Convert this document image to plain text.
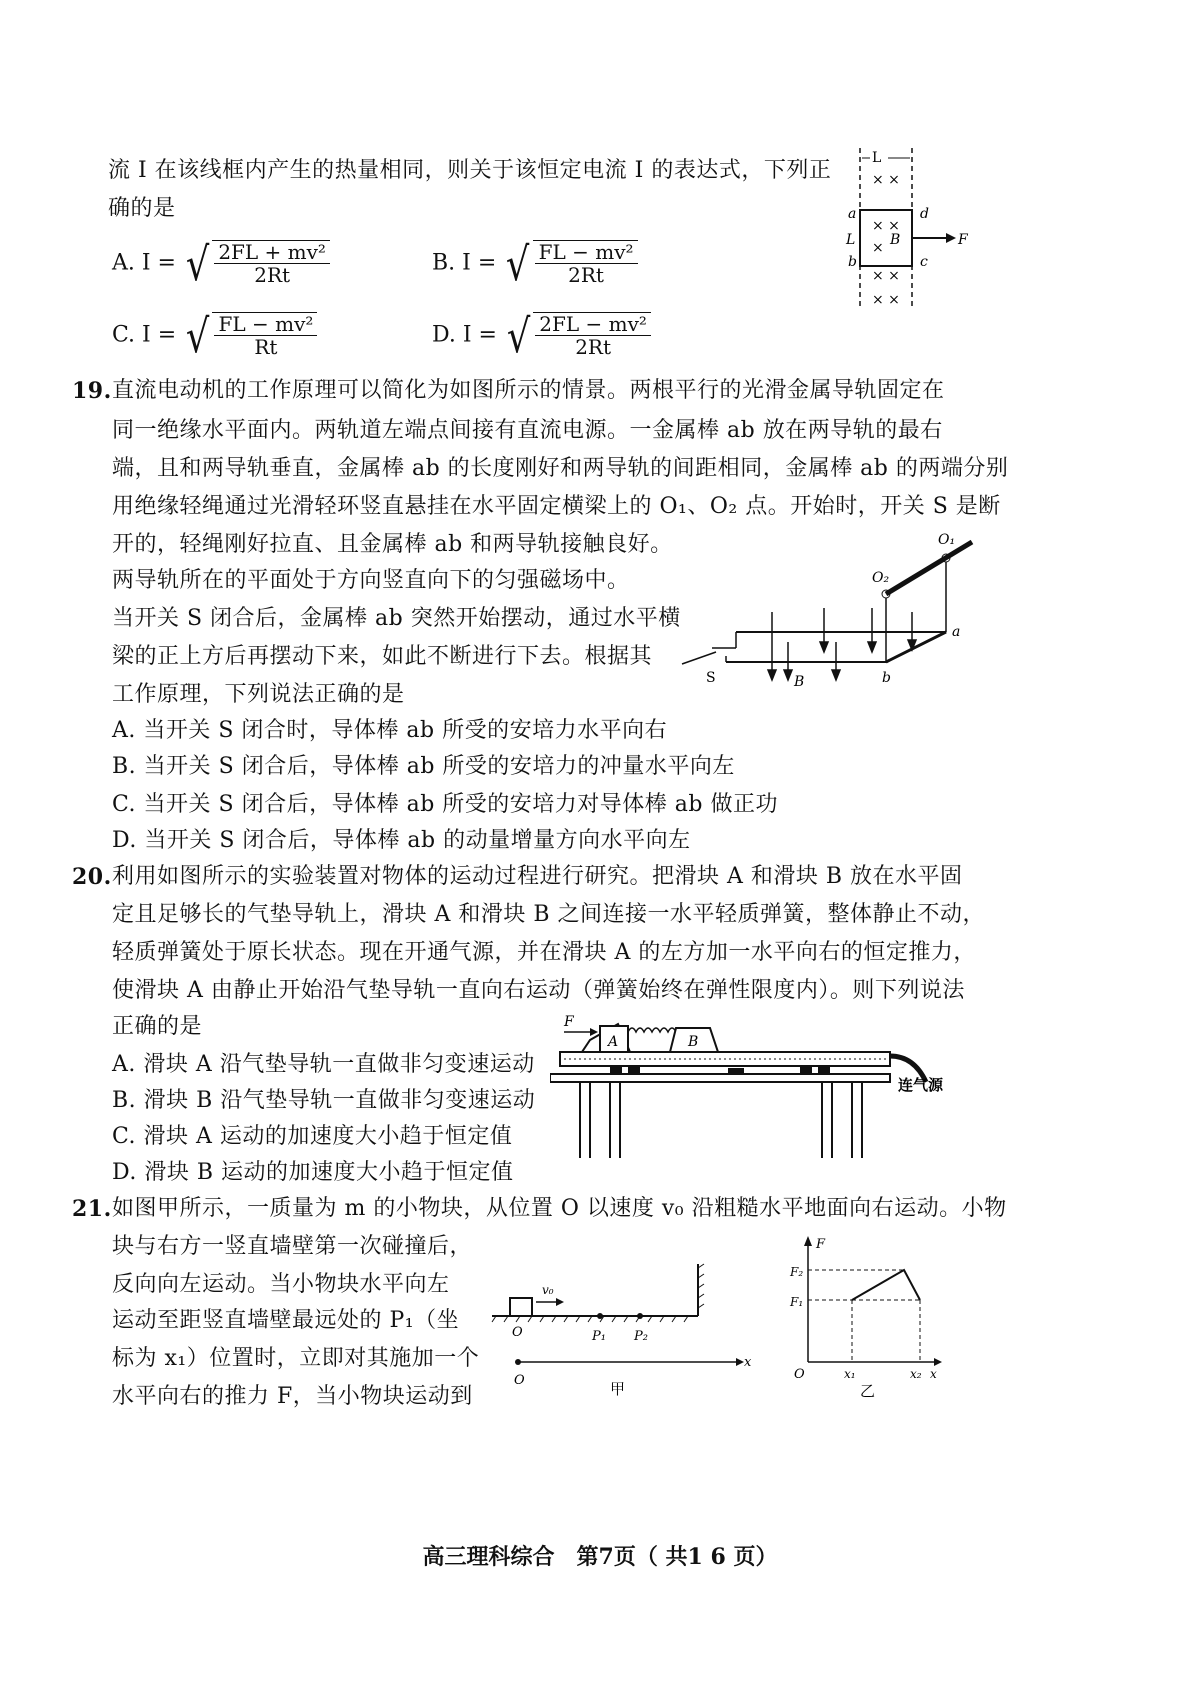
流 I 在该线框内产生的热量相同，则关于该恒定电流 I 的表达式，下列正
确的是
A. I = √ $\frac{\text{2FL + mv²}}{2Rt}$	B. I = √ $\frac{\text{FL − mv²}}{2Rt}$
C. I = √ $\frac{\text{FL − mv²}}{Rt}$	D. I = √ $\frac{\text{2FL − mv²}}{2Rt}$
L
× ×
× ×
×
× ×
× ×
a	d
L B
b	c
F
19. 直流电动机的工作原理可以简化为如图所示的情景。两根平行的光滑金属导轨固定在
同一绝缘水平面内。两轨道左端点间接有直流电源。一金属棒 ab 放在两导轨的最右
端，且和两导轨垂直，金属棒 ab 的长度刚好和两导轨的间距相同，金属棒 ab 的两端分别
用绝缘轻绳通过光滑轻环竖直悬挂在水平固定横梁上的 O₁、O₂ 点。开始时，开关 S 是断
开的，轻绳刚好拉直、且金属棒 ab 和两导轨接触良好。
两导轨所在的平面处于方向竖直向下的匀强磁场中。
当开关 S 闭合后，金属棒 ab 突然开始摆动，通过水平横
梁的正上方后再摆动下来，如此不断进行下去。根据其
工作原理，下列说法正确的是
A. 当开关 S 闭合时，导体棒 ab 所受的安培力水平向右
B. 当开关 S 闭合后，导体棒 ab 所受的安培力的冲量水平向左
C. 当开关 S 闭合后，导体棒 ab 所受的安培力对导体棒 ab 做正功
D. 当开关 S 闭合后，导体棒 ab 的动量增量方向水平向左
O₁
O₂
a
b
S	B
20. 利用如图所示的实验装置对物体的运动过程进行研究。把滑块 A 和滑块 B 放在水平固
定且足够长的气垫导轨上，滑块 A 和滑块 B 之间连接一水平轻质弹簧，整体静止不动，
轻质弹簧处于原长状态。现在开通气源，并在滑块 A 的左方加一水平向右的恒定推力，
使滑块 A 由静止开始沿气垫导轨一直向右运动（弹簧始终在弹性限度内）。则下列说法
正确的是
A. 滑块 A 沿气垫导轨一直做非匀变速运动
B. 滑块 B 沿气垫导轨一直做非匀变速运动
C. 滑块 A 运动的加速度大小趋于恒定值
D. 滑块 B 运动的加速度大小趋于恒定值
F
A	B
连气源
21. 如图甲所示，一质量为 m 的小物块，从位置 O 以速度 v₀ 沿粗糙水平地面向右运动。小物
块与右方一竖直墙壁第一次碰撞后，
反向向左运动。当小物块水平向左
运动至距竖直墙壁最远处的 P₁（坐
标为 x₁）位置时，立即对其施加一个
水平向右的推力 F，当小物块运动到
v₀
O	P₁ P₂
x
O	甲
F
O
F₂
F₁
x₁	x₂ x
乙
高三理科综合　第7页（ 共1 6 页）
